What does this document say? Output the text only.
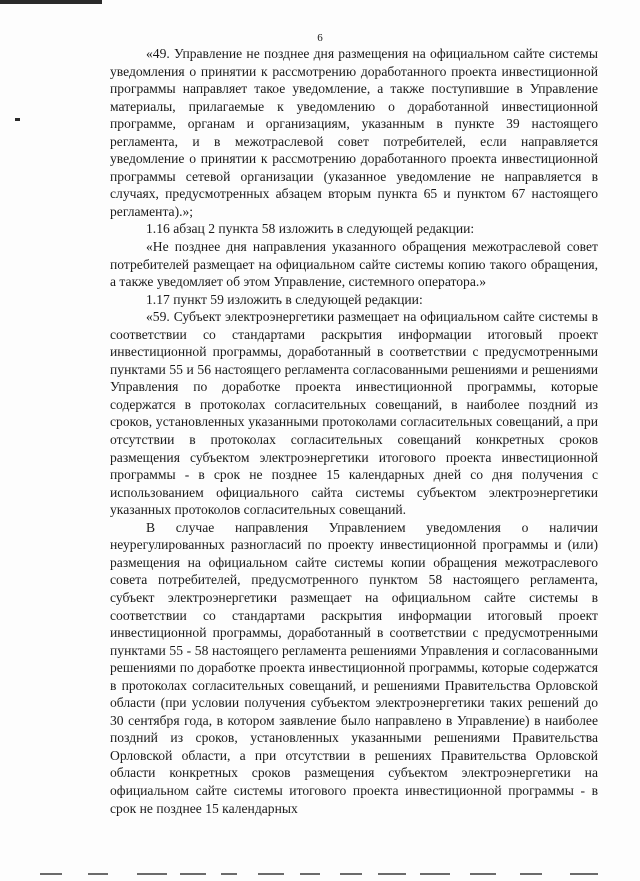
6

«49. Управление не позднее дня размещения на официальном сайте системы уведомления о принятии к рассмотрению доработанного проекта инвестиционной программы направляет такое уведомление, а также поступившие в Управление материалы, прилагаемые к уведомлению о доработанной инвестиционной программе, органам и организациям, указанным в пункте 39 настоящего регламента, и в межотраслевой совет потребителей, если направляется уведомление о принятии к рассмотрению доработанного проекта инвестиционной программы сетевой организации (указанное уведомление не направляется в случаях, предусмотренных абзацем вторым пункта 65 и пунктом 67 настоящего регламента).»;

1.16 абзац 2 пункта 58 изложить в следующей редакции:

«Не позднее дня направления указанного обращения межотраслевой совет потребителей размещает на официальном сайте системы копию такого обращения, а также уведомляет об этом Управление, системного оператора.»

1.17 пункт 59 изложить в следующей редакции:

«59. Субъект электроэнергетики размещает на официальном сайте системы в соответствии со стандартами раскрытия информации итоговый проект инвестиционной программы, доработанный в соответствии с предусмотренными пунктами 55 и 56 настоящего регламента согласованными решениями и решениями Управления по доработке проекта инвестиционной программы, которые содержатся в протоколах согласительных совещаний, в наиболее поздний из сроков, установленных указанными протоколами согласительных совещаний, а при отсутствии в протоколах согласительных совещаний конкретных сроков размещения субъектом электроэнергетики итогового проекта инвестиционной программы - в срок не позднее 15 календарных дней со дня получения с использованием официального сайта системы субъектом электроэнергетики указанных протоколов согласительных совещаний.

В случае направления Управлением уведомления о наличии неурегулированных разногласий по проекту инвестиционной программы и (или) размещения на официальном сайте системы копии обращения межотраслевого совета потребителей, предусмотренного пунктом 58 настоящего регламента, субъект электроэнергетики размещает на официальном сайте системы в соответствии со стандартами раскрытия информации итоговый проект инвестиционной программы, доработанный в соответствии с предусмотренными пунктами 55 - 58 настоящего регламента решениями Управления и согласованными решениями по доработке проекта инвестиционной программы, которые содержатся в протоколах согласительных совещаний, и решениями Правительства Орловской области (при условии получения субъектом электроэнергетики таких решений до 30 сентября года, в котором заявление было направлено в Управление) в наиболее поздний из сроков, установленных указанными решениями Правительства Орловской области, а при отсутствии в решениях Правительства Орловской области конкретных сроков размещения субъектом электроэнергетики на официальном сайте системы итогового проекта инвестиционной программы - в срок не позднее 15 календарных
